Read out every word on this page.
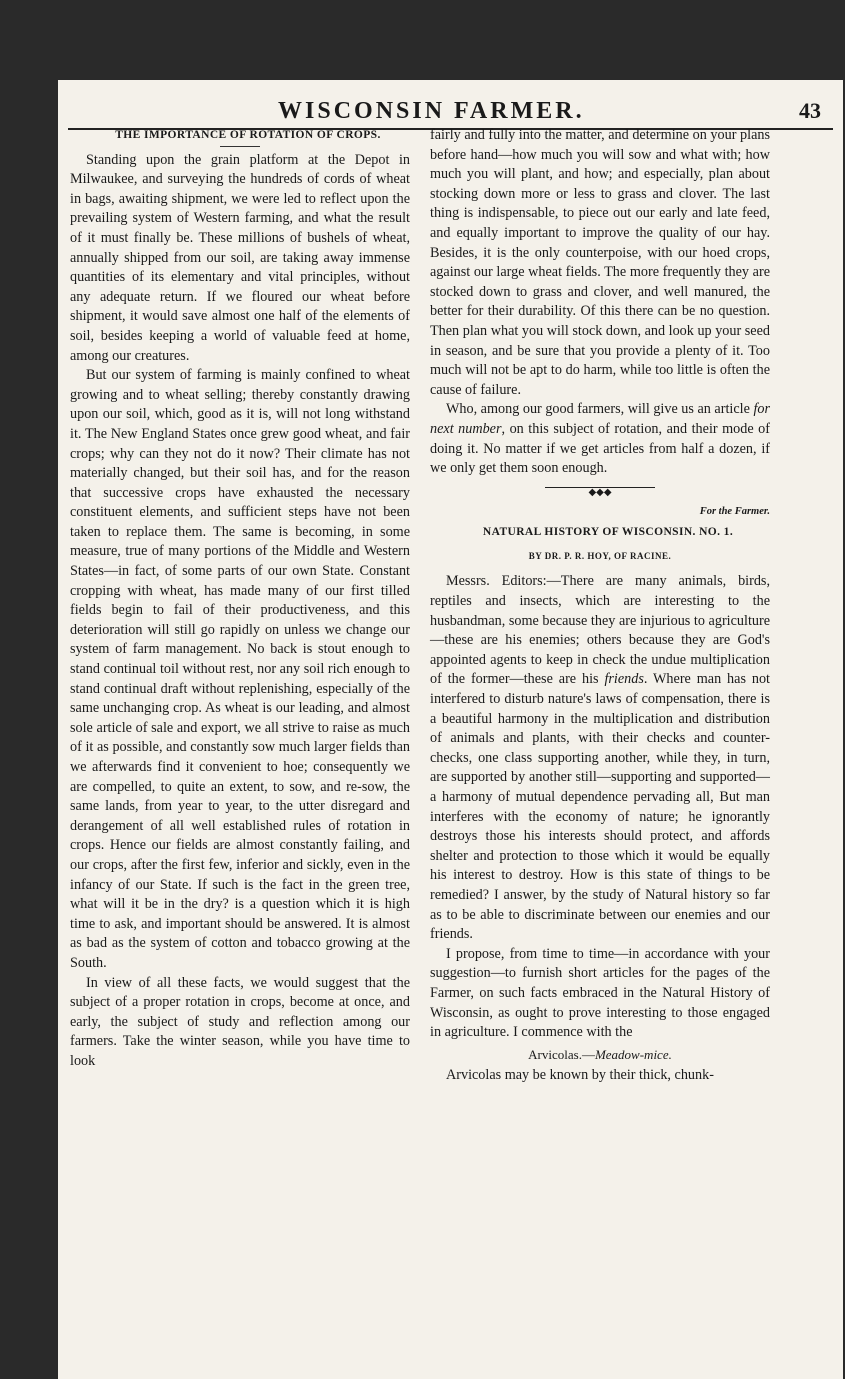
WISCONSIN FARMER.	43

THE IMPORTANCE OF ROTATION OF CROPS.

Standing upon the grain platform at the Depot in Milwaukee, and surveying the hundreds of cords of wheat in bags, awaiting shipment, we were led to reflect upon the prevailing system of Western farming, and what the result of it must finally be. These millions of bushels of wheat, annually shipped from our soil, are taking away immense quantities of its elementary and vital principles, without any adequate return. If we floured our wheat before shipment, it would save almost one half of the elements of soil, besides keeping a world of valuable feed at home, among our creatures.

But our system of farming is mainly confined to wheat growing and to wheat selling; thereby constantly drawing upon our soil, which, good as it is, will not long withstand it. The New England States once grew good wheat, and fair crops; why can they not do it now? Their climate has not materially changed, but their soil has, and for the reason that successive crops have exhausted the necessary constituent elements, and sufficient steps have not been taken to replace them. The same is becoming, in some measure, true of many portions of the Middle and Western States—in fact, of some parts of our own State. Constant cropping with wheat, has made many of our first tilled fields begin to fail of their productiveness, and this deterioration will still go rapidly on unless we change our system of farm management. No back is stout enough to stand continual toil without rest, nor any soil rich enough to stand continual draft without replenishing, especially of the same unchanging crop. As wheat is our leading, and almost sole article of sale and export, we all strive to raise as much of it as possible, and constantly sow much larger fields than we afterwards find it convenient to hoe; consequently we are compelled, to quite an extent, to sow, and re-sow, the same lands, from year to year, to the utter disregard and derangement of all well established rules of rotation in crops. Hence our fields are almost constantly failing, and our crops, after the first few, inferior and sickly, even in the infancy of our State. If such is the fact in the green tree, what will it be in the dry? is a question which it is high time to ask, and important should be answered. It is almost as bad as the system of cotton and tobacco growing at the South.

In view of all these facts, we would suggest that the subject of a proper rotation in crops, become at once, and early, the subject of study and reflection among our farmers. Take the winter season, while you have time to look

fairly and fully into the matter, and determine on your plans before hand—how much you will sow and what with; how much you will plant, and how; and especially, plan about stocking down more or less to grass and clover. The last thing is indispensable, to piece out our early and late feed, and equally important to improve the quality of our hay. Besides, it is the only counterpoise, with our hoed crops, against our large wheat fields. The more frequently they are stocked down to grass and clover, and well manured, the better for their durability. Of this there can be no question. Then plan what you will stock down, and look up your seed in season, and be sure that you provide a plenty of it. Too much will not be apt to do harm, while too little is often the cause of failure.

Who, among our good farmers, will give us an article for next number, on this subject of rotation, and their mode of doing it. No matter if we get articles from half a dozen, if we only get them soon enough.

◆◆◆
For the Farmer.

NATURAL HISTORY OF WISCONSIN. NO. 1.

BY DR. P. R. HOY, OF RACINE.

Messrs. Editors:—There are many animals, birds, reptiles and insects, which are interesting to the husbandman, some because they are injurious to agriculture—these are his enemies; others because they are God's appointed agents to keep in check the undue multiplication of the former—these are his friends. Where man has not interfered to disturb nature's laws of compensation, there is a beautiful harmony in the multiplication and distribution of animals and plants, with their checks and counter-checks, one class supporting another, while they, in turn, are supported by another still—supporting and supported—a harmony of mutual dependence pervading all, But man interferes with the economy of nature; he ignorantly destroys those his interests should protect, and affords shelter and protection to those which it would be equally his interest to destroy. How is this state of things to be remedied? I answer, by the study of Natural history so far as to be able to discriminate between our enemies and our friends.

I propose, from time to time—in accordance with your suggestion—to furnish short articles for the pages of the Farmer, on such facts embraced in the Natural History of Wisconsin, as ought to prove interesting to those engaged in agriculture. I commence with the

Arvicolas.—Meadow-mice.

Arvicolas may be known by their thick, chunk-
